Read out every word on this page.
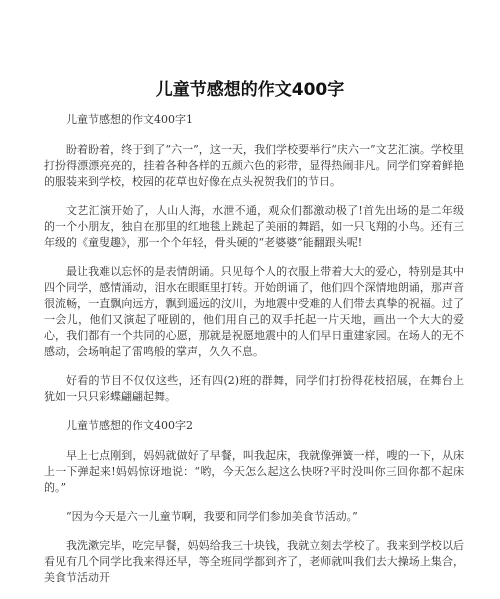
儿童节感想的作文400字
儿童节感想的作文400字1

盼着盼着，终于到了“六一”，这一天，我们学校要举行“庆六一”文艺汇演。学校里打扮得漂漂亮亮的，挂着各种各样的五颜六色的彩带，显得热闹非凡。同学们穿着鲜艳的服装来到学校，校园的花草也好像在点头祝贺我们的节日。

文艺汇演开始了，人山人海，水泄不通，观众们都激动极了!首先出场的是二年级的一个小朋友，独自在那里的红地毯上跳起了美丽的舞蹈，如一只飞翔的小鸟。还有三年级的《童叟趣》，那一个个年轻，骨头硬的“老婆婆”能翻跟头呢!

最让我难以忘怀的是表情朗诵。只见每个人的衣服上带着大大的爱心，特别是其中四个同学，感情涌动，泪水在眼眶里打转。开始朗诵了，他们四个深情地朗诵，那声音很流畅，一直飘向远方，飘到遥远的汶川，为地震中受难的人们带去真挚的祝福。过了一会儿，他们又演起了哑剧的，他们用自己的双手托起一片天地，画出一个大大的爱心，我们都有一个共同的心愿，那就是祝愿地震中的人们早日重建家园。在场人的无不感动，会场响起了雷鸣般的掌声，久久不息。

好看的节目不仅仅这些，还有四(2)班的群舞，同学们打扮得花枝招展，在舞台上犹如一只只彩蝶翩翩起舞。

儿童节感想的作文400字2

早上七点刚到，妈妈就做好了早餐，叫我起床，我就像弹簧一样，嗖的一下，从床上一下弹起来!妈妈惊讶地说：“哟，今天怎么起这么快呀?平时没叫你三回你都不起床的。”

“因为今天是六一儿童节啊，我要和同学们参加美食节活动。”

我洗漱完毕，吃完早餐，妈妈给我三十块钱，我就立刻去学校了。我来到学校以后看见有几个同学比我来得还早，等全班同学都到齐了，老师就叫我们去大操场上集合，美食节活动开
